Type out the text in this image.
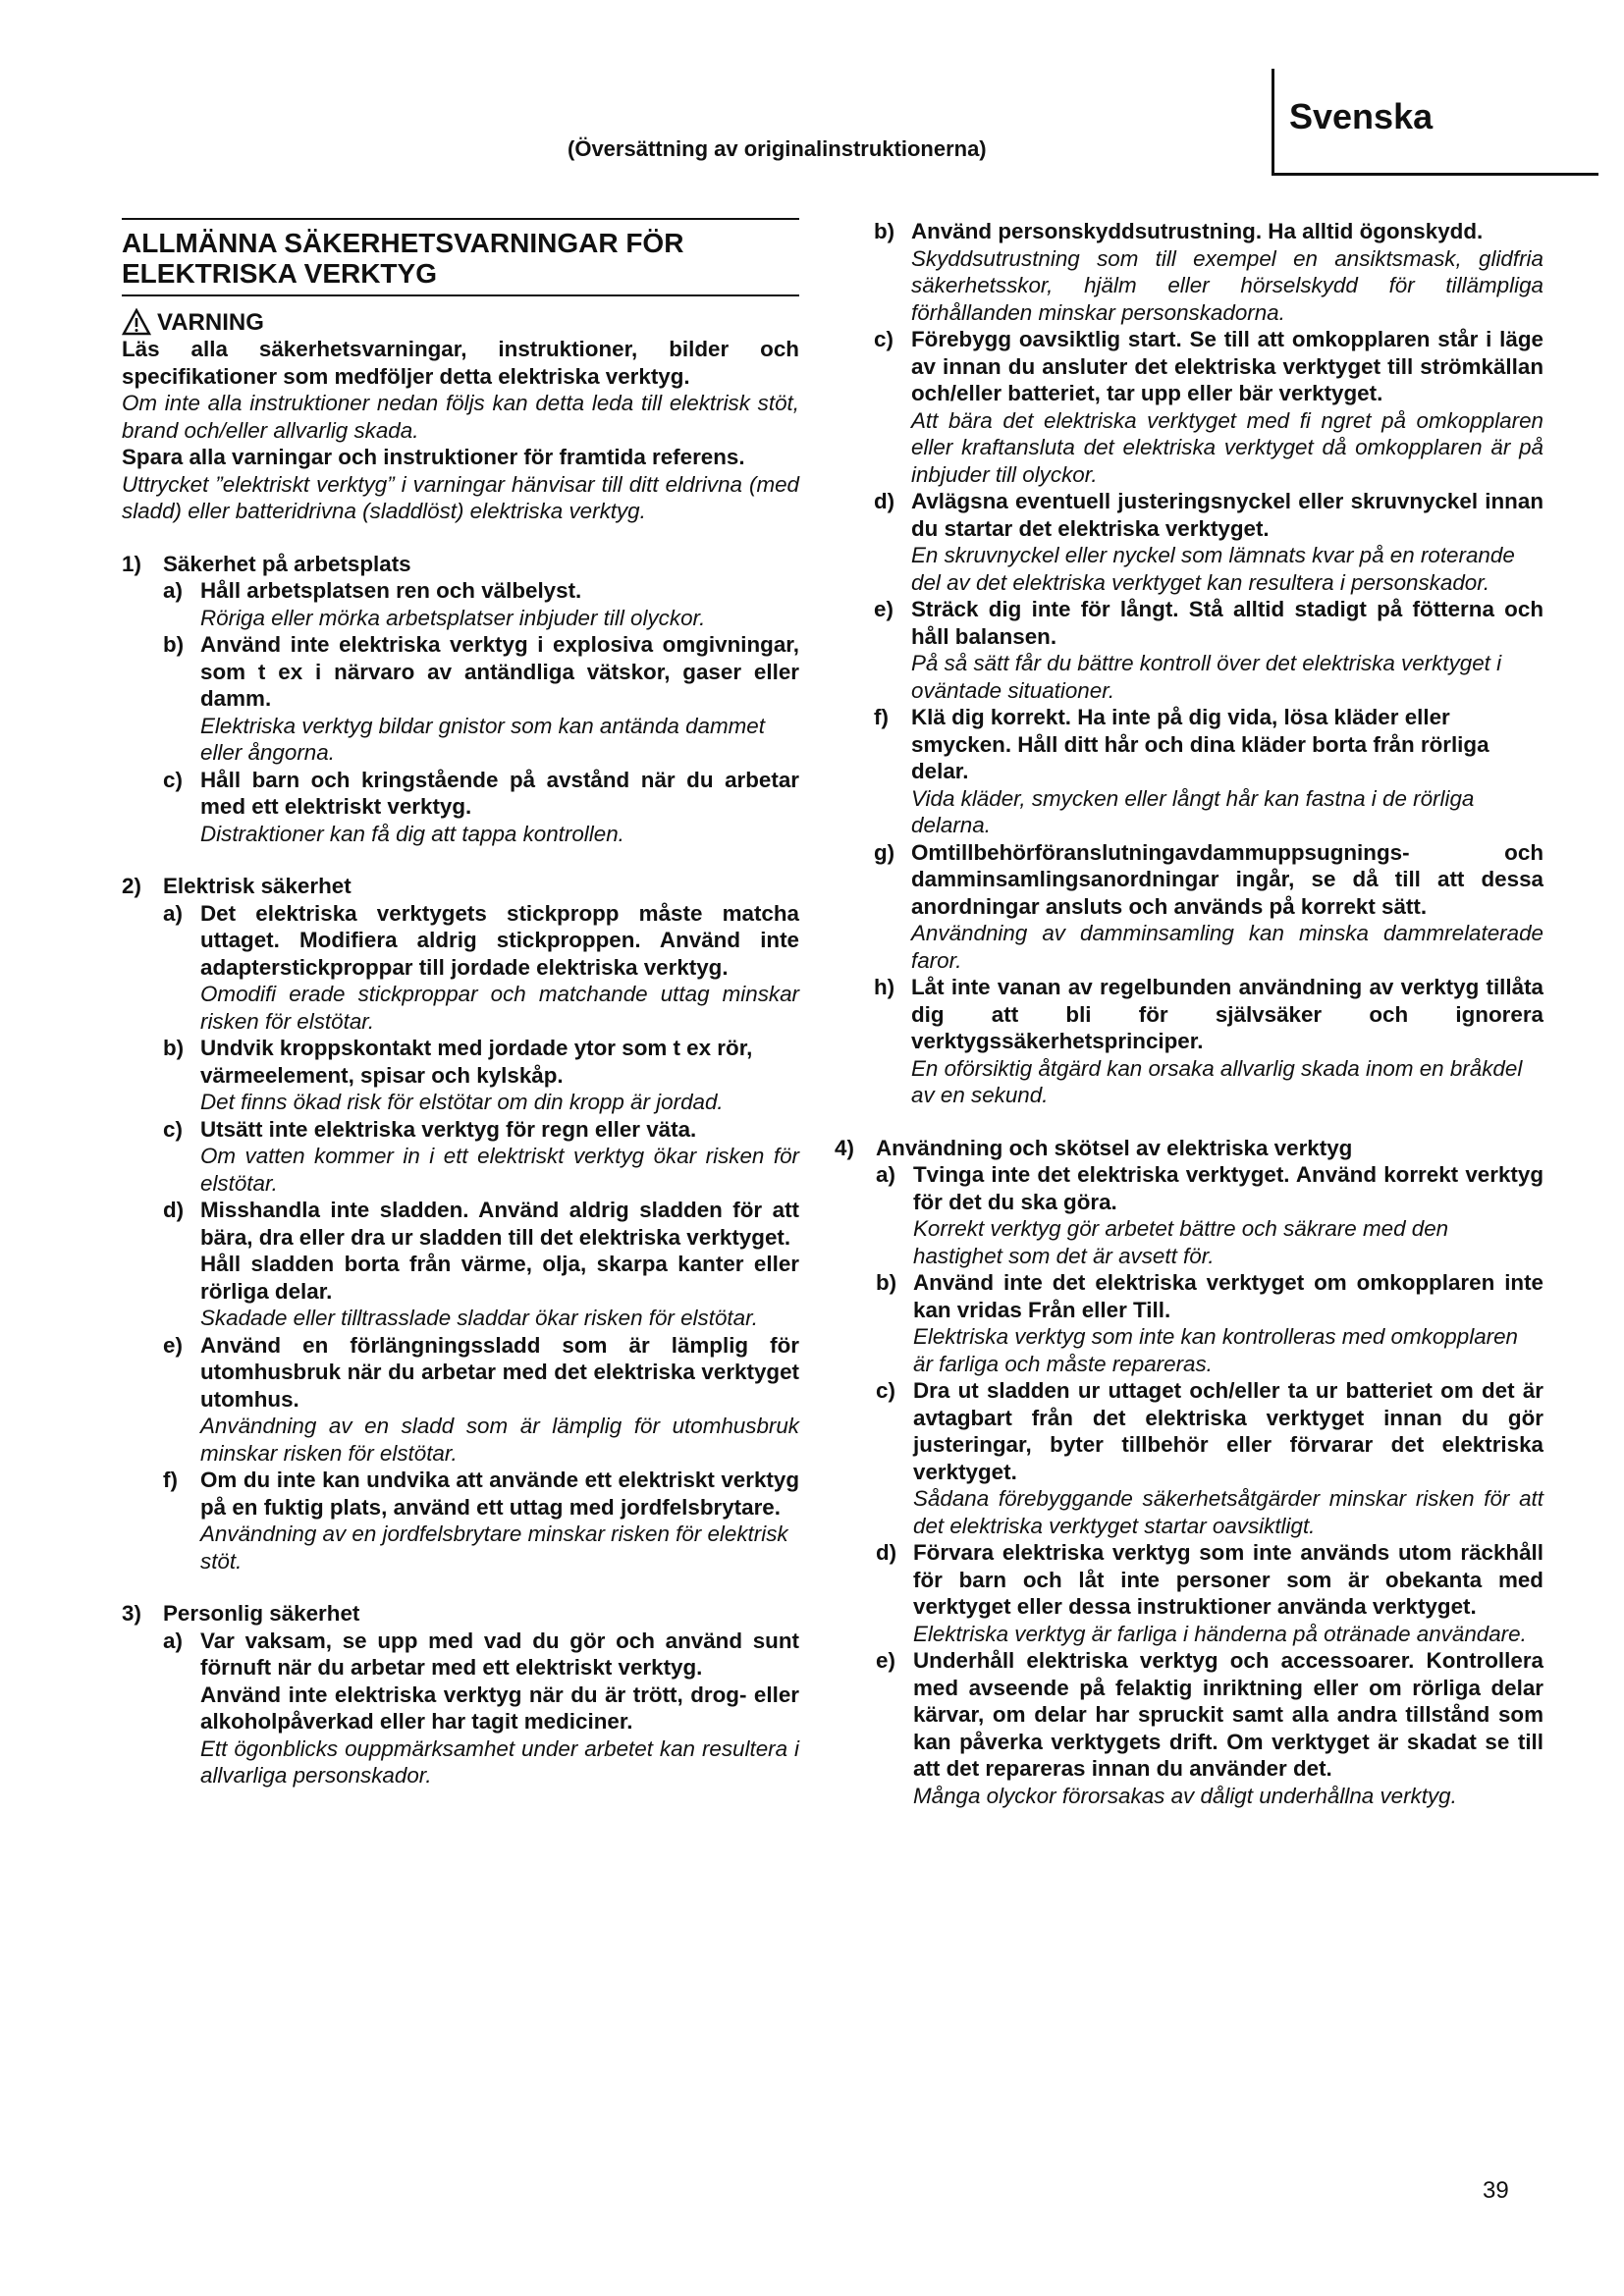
Svenska
(Översättning av originalinstruktionerna)
ALLMÄNNA SÄKERHETSVARNINGAR FÖR
ELEKTRISKA VERKTYG
VARNING

Läs alla säkerhetsvarningar, instruktioner, bilder och specifikationer som medföljer detta elektriska verktyg.

Om inte alla instruktioner nedan följs kan detta leda till elektrisk stöt, brand och/eller allvarlig skada.

Spara alla varningar och instruktioner för framtida referens.

Uttrycket ”elektriskt verktyg” i varningar hänvisar till ditt eldrivna (med sladd) eller batteridrivna (sladdlöst) elektriska verktyg.

1) Säkerhet på arbetsplats
a) Håll arbetsplatsen ren och välbelyst.

Röriga eller mörka arbetsplatser inbjuder till olyckor.

b) Använd inte elektriska verktyg i explosiva omgivningar, som t ex i närvaro av antändliga vätskor, gaser eller damm.

Elektriska verktyg bildar gnistor som kan antända dammet eller ångorna.

c) Håll barn och kringstående på avstånd när du arbetar med ett elektriskt verktyg.

Distraktioner kan få dig att tappa kontrollen.

2) Elektrisk säkerhet
a) Det elektriska verktygets stickpropp måste matcha uttaget. Modifiera aldrig stickproppen. Använd inte adapterstickproppar till jordade elektriska verktyg.

Omodifi erade stickproppar och matchande uttag minskar risken för elstötar.

b) Undvik kroppskontakt med jordade ytor som t ex rör, värmeelement, spisar och kylskåp.

Det finns ökad risk för elstötar om din kropp är jordad.

c) Utsätt inte elektriska verktyg för regn eller väta.

Om vatten kommer in i ett elektriskt verktyg ökar risken för elstötar.

d) Misshandla inte sladden. Använd aldrig sladden för att bära, dra eller dra ur sladden till det elektriska verktyget.

Håll sladden borta från värme, olja, skarpa kanter eller rörliga delar.

Skadade eller tilltrasslade sladdar ökar risken för elstötar.

e) Använd en förlängningssladd som är lämplig för utomhusbruk när du arbetar med det elektriska verktyget utomhus.

Användning av en sladd som är lämplig för utomhusbruk minskar risken för elstötar.

f)	Om du inte kan undvika att använde ett elektriskt verktyg på en fuktig plats, använd ett uttag med jordfelsbrytare.

Användning av en jordfelsbrytare minskar risken för elektrisk stöt.

3) Personlig säkerhet
a) Var vaksam, se upp med vad du gör och använd sunt förnuft när du arbetar med ett elektriskt verktyg.

Använd inte elektriska verktyg när du är trött, drog- eller alkoholpåverkad eller har tagit mediciner.

Ett ögonblicks ouppmärksamhet under arbetet kan resultera i allvarliga personskador.

b) Använd personskyddsutrustning. Ha alltid ögonskydd.

Skyddsutrustning som till exempel en ansiktsmask, glidfria säkerhetsskor, hjälm eller hörselskydd för tillämpliga förhållanden minskar personskadorna.

c) Förebygg oavsiktlig start. Se till att omkopplaren står i läge av innan du ansluter det elektriska verktyget till strömkällan och/eller batteriet, tar upp eller bär verktyget.

Att bära det elektriska verktyget med fi ngret på omkopplaren eller kraftansluta det elektriska verktyget då omkopplaren är på inbjuder till olyckor.

d) Avlägsna eventuell justeringsnyckel eller skruvnyckel innan du startar det elektriska verktyget.

En skruvnyckel eller nyckel som lämnats kvar på en roterande del av det elektriska verktyget kan resultera i personskador.

e) Sträck dig inte för långt. Stå alltid stadigt på fötterna och håll balansen.

På så sätt får du bättre kontroll över det elektriska verktyget i oväntade situationer.

f)	Klä dig korrekt. Ha inte på dig vida, lösa kläder eller smycken. Håll ditt hår och dina kläder borta från rörliga delar.

Vida kläder, smycken eller långt hår kan fastna i de rörliga delarna.

g) Omtillbehörföranslutningavdammuppsugnings- och damminsamlingsanordningar ingår, se då till att dessa anordningar ansluts och används på korrekt sätt.

Användning av damminsamling kan minska dammrelaterade faror.

h) Låt inte vanan av regelbunden användning av verktyg tillåta dig att bli för självsäker och ignorera verktygssäkerhetsprinciper.

En oförsiktig åtgärd kan orsaka allvarlig skada inom en bråkdel av en sekund.

4) Användning och skötsel av elektriska verktyg
a) Tvinga inte det elektriska verktyget. Använd korrekt verktyg för det du ska göra.

Korrekt verktyg gör arbetet bättre och säkrare med den hastighet som det är avsett för.

b) Använd inte det elektriska verktyget om omkopplaren inte kan vridas Från eller Till.

Elektriska verktyg som inte kan kontrolleras med omkopplaren är farliga och måste repareras.

c) Dra ut sladden ur uttaget och/eller ta ur batteriet om det är avtagbart från det elektriska verktyget innan du gör justeringar, byter tillbehör eller förvarar det elektriska verktyget.

Sådana förebyggande säkerhetsåtgärder minskar risken för att det elektriska verktyget startar oavsiktligt.

d) Förvara elektriska verktyg som inte används utom räckhåll för barn och låt inte personer som är obekanta med verktyget eller dessa instruktioner använda verktyget.

Elektriska verktyg är farliga i händerna på otränade användare.

e) Underhåll elektriska verktyg och accessoarer. Kontrollera med avseende på felaktig inriktning eller om rörliga delar kärvar, om delar har spruckit samt alla andra tillstånd som kan påverka verktygets drift. Om verktyget är skadat se till att det repareras innan du använder det.

Många olyckor förorsakas av dåligt underhållna verktyg.

39
